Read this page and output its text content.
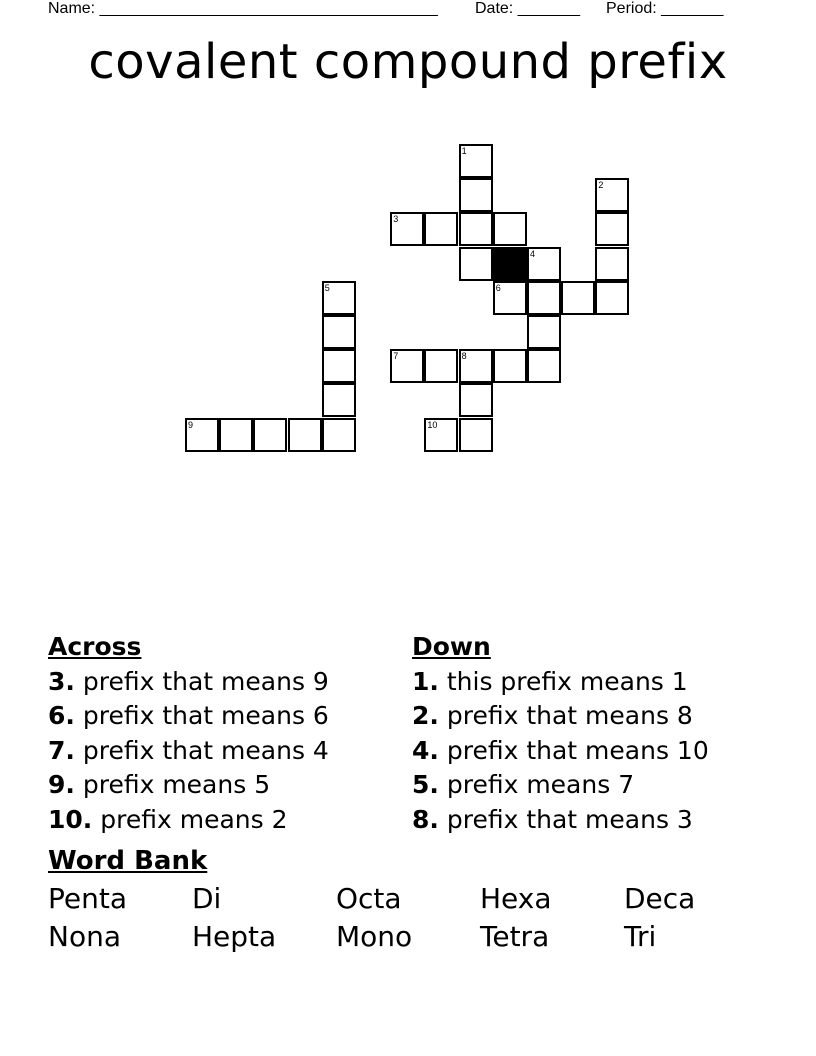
Name: ______________________________________ Date: _______ Period: _______
covalent compound prefix
1
2
3
4
5	6
7	8
9	10
Across
3. prefix that means 9
6. prefix that means 6
7. prefix that means 4
9. prefix means 5
10. prefix means 2
Down
1. this prefix means 1
2. prefix that means 8
4. prefix that means 10
5. prefix means 7
8. prefix that means 3
Word Bank
Penta	Di	Octa	Hexa	Deca
Nona	Hepta	Mono	Tetra	Tri
